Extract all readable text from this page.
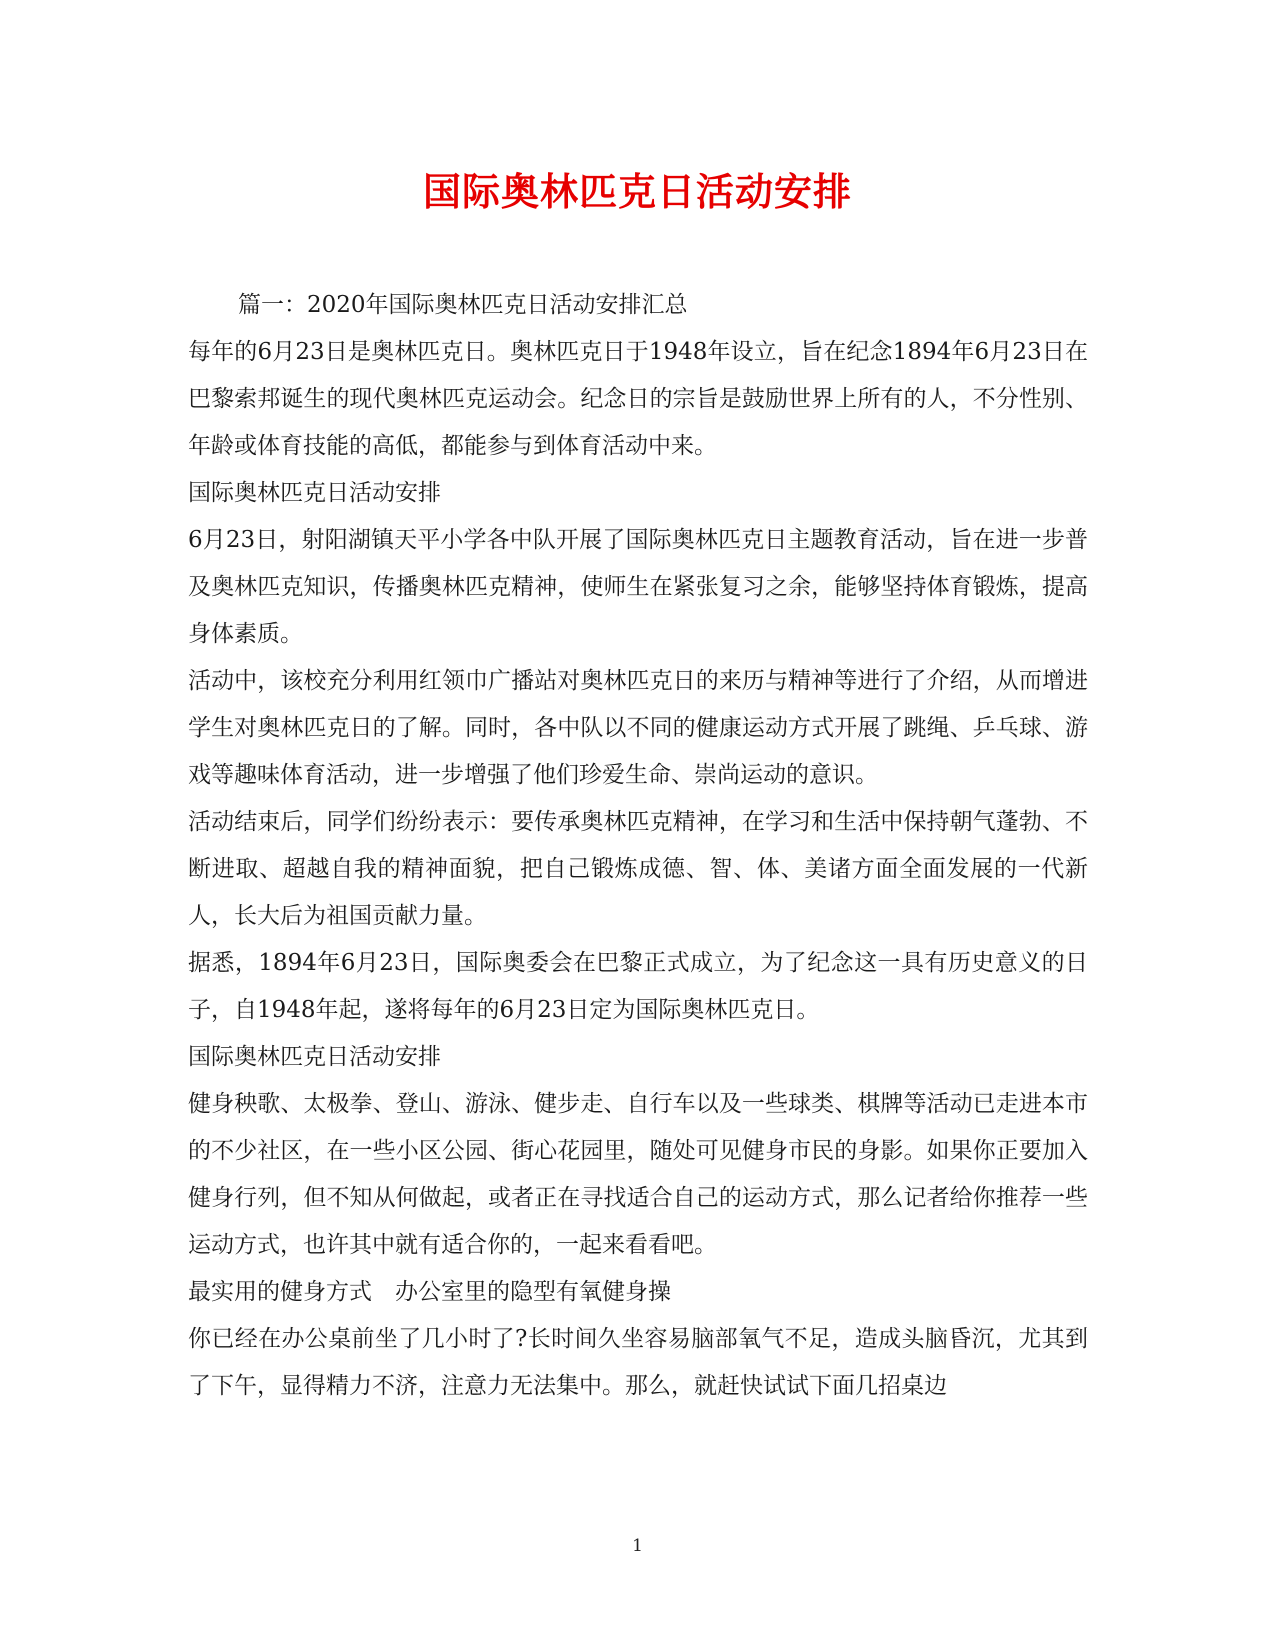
国际奥林匹克日活动安排

篇一：2020年国际奥林匹克日活动安排汇总

每年的6月23日是奥林匹克日。奥林匹克日于1948年设立，旨在纪念1894年6月23日在巴黎索邦诞生的现代奥林匹克运动会。纪念日的宗旨是鼓励世界上所有的人，不分性别、年龄或体育技能的高低，都能参与到体育活动中来。

国际奥林匹克日活动安排

6月23日，射阳湖镇天平小学各中队开展了国际奥林匹克日主题教育活动，旨在进一步普及奥林匹克知识，传播奥林匹克精神，使师生在紧张复习之余，能够坚持体育锻炼，提高身体素质。

活动中，该校充分利用红领巾广播站对奥林匹克日的来历与精神等进行了介绍，从而增进学生对奥林匹克日的了解。同时，各中队以不同的健康运动方式开展了跳绳、乒乓球、游戏等趣味体育活动，进一步增强了他们珍爱生命、崇尚运动的意识。

活动结束后，同学们纷纷表示：要传承奥林匹克精神，在学习和生活中保持朝气蓬勃、不断进取、超越自我的精神面貌，把自己锻炼成德、智、体、美诸方面全面发展的一代新人，长大后为祖国贡献力量。

据悉，1894年6月23日，国际奥委会在巴黎正式成立，为了纪念这一具有历史意义的日子，自1948年起，遂将每年的6月23日定为国际奥林匹克日。

国际奥林匹克日活动安排

健身秧歌、太极拳、登山、游泳、健步走、自行车以及一些球类、棋牌等活动已走进本市的不少社区，在一些小区公园、街心花园里，随处可见健身市民的身影。如果你正要加入健身行列，但不知从何做起，或者正在寻找适合自己的运动方式，那么记者给你推荐一些运动方式，也许其中就有适合你的，一起来看看吧。

最实用的健身方式　办公室里的隐型有氧健身操

你已经在办公桌前坐了几小时了?长时间久坐容易脑部氧气不足，造成头脑昏沉，尤其到了下午，显得精力不济，注意力无法集中。那么，就赶快试试下面几招桌边

1
